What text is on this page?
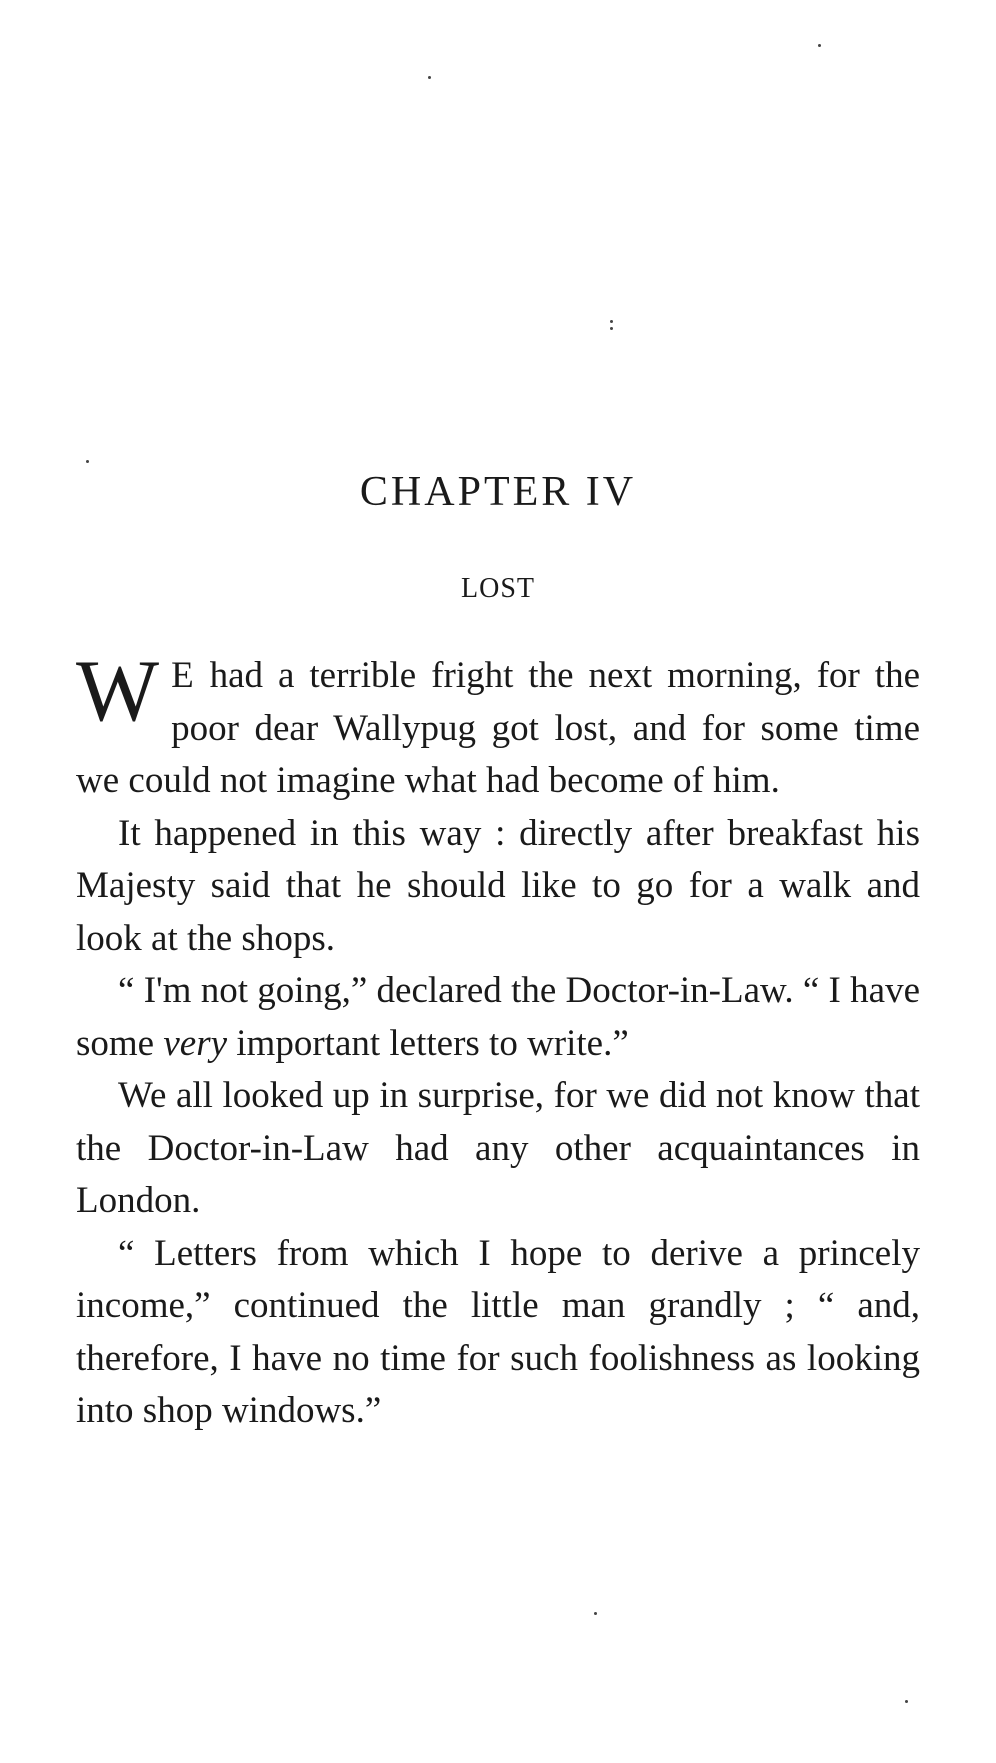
CHAPTER IV
LOST

W E had a terrible fright the next morning, for the poor dear Wallypug got lost, and for some time we could not imagine what had become of him.

It happened in this way : directly after breakfast his Majesty said that he should like to go for a walk and look at the shops.

“ I'm not going,” declared the Doctor-in-Law. “ I have some very important letters to write.”

We all looked up in surprise, for we did not know that the Doctor-in-Law had any other acquaintances in London.

“ Letters from which I hope to derive a princely income,” continued the little man grandly ; “ and, therefore, I have no time for such foolishness as looking into shop windows.”
